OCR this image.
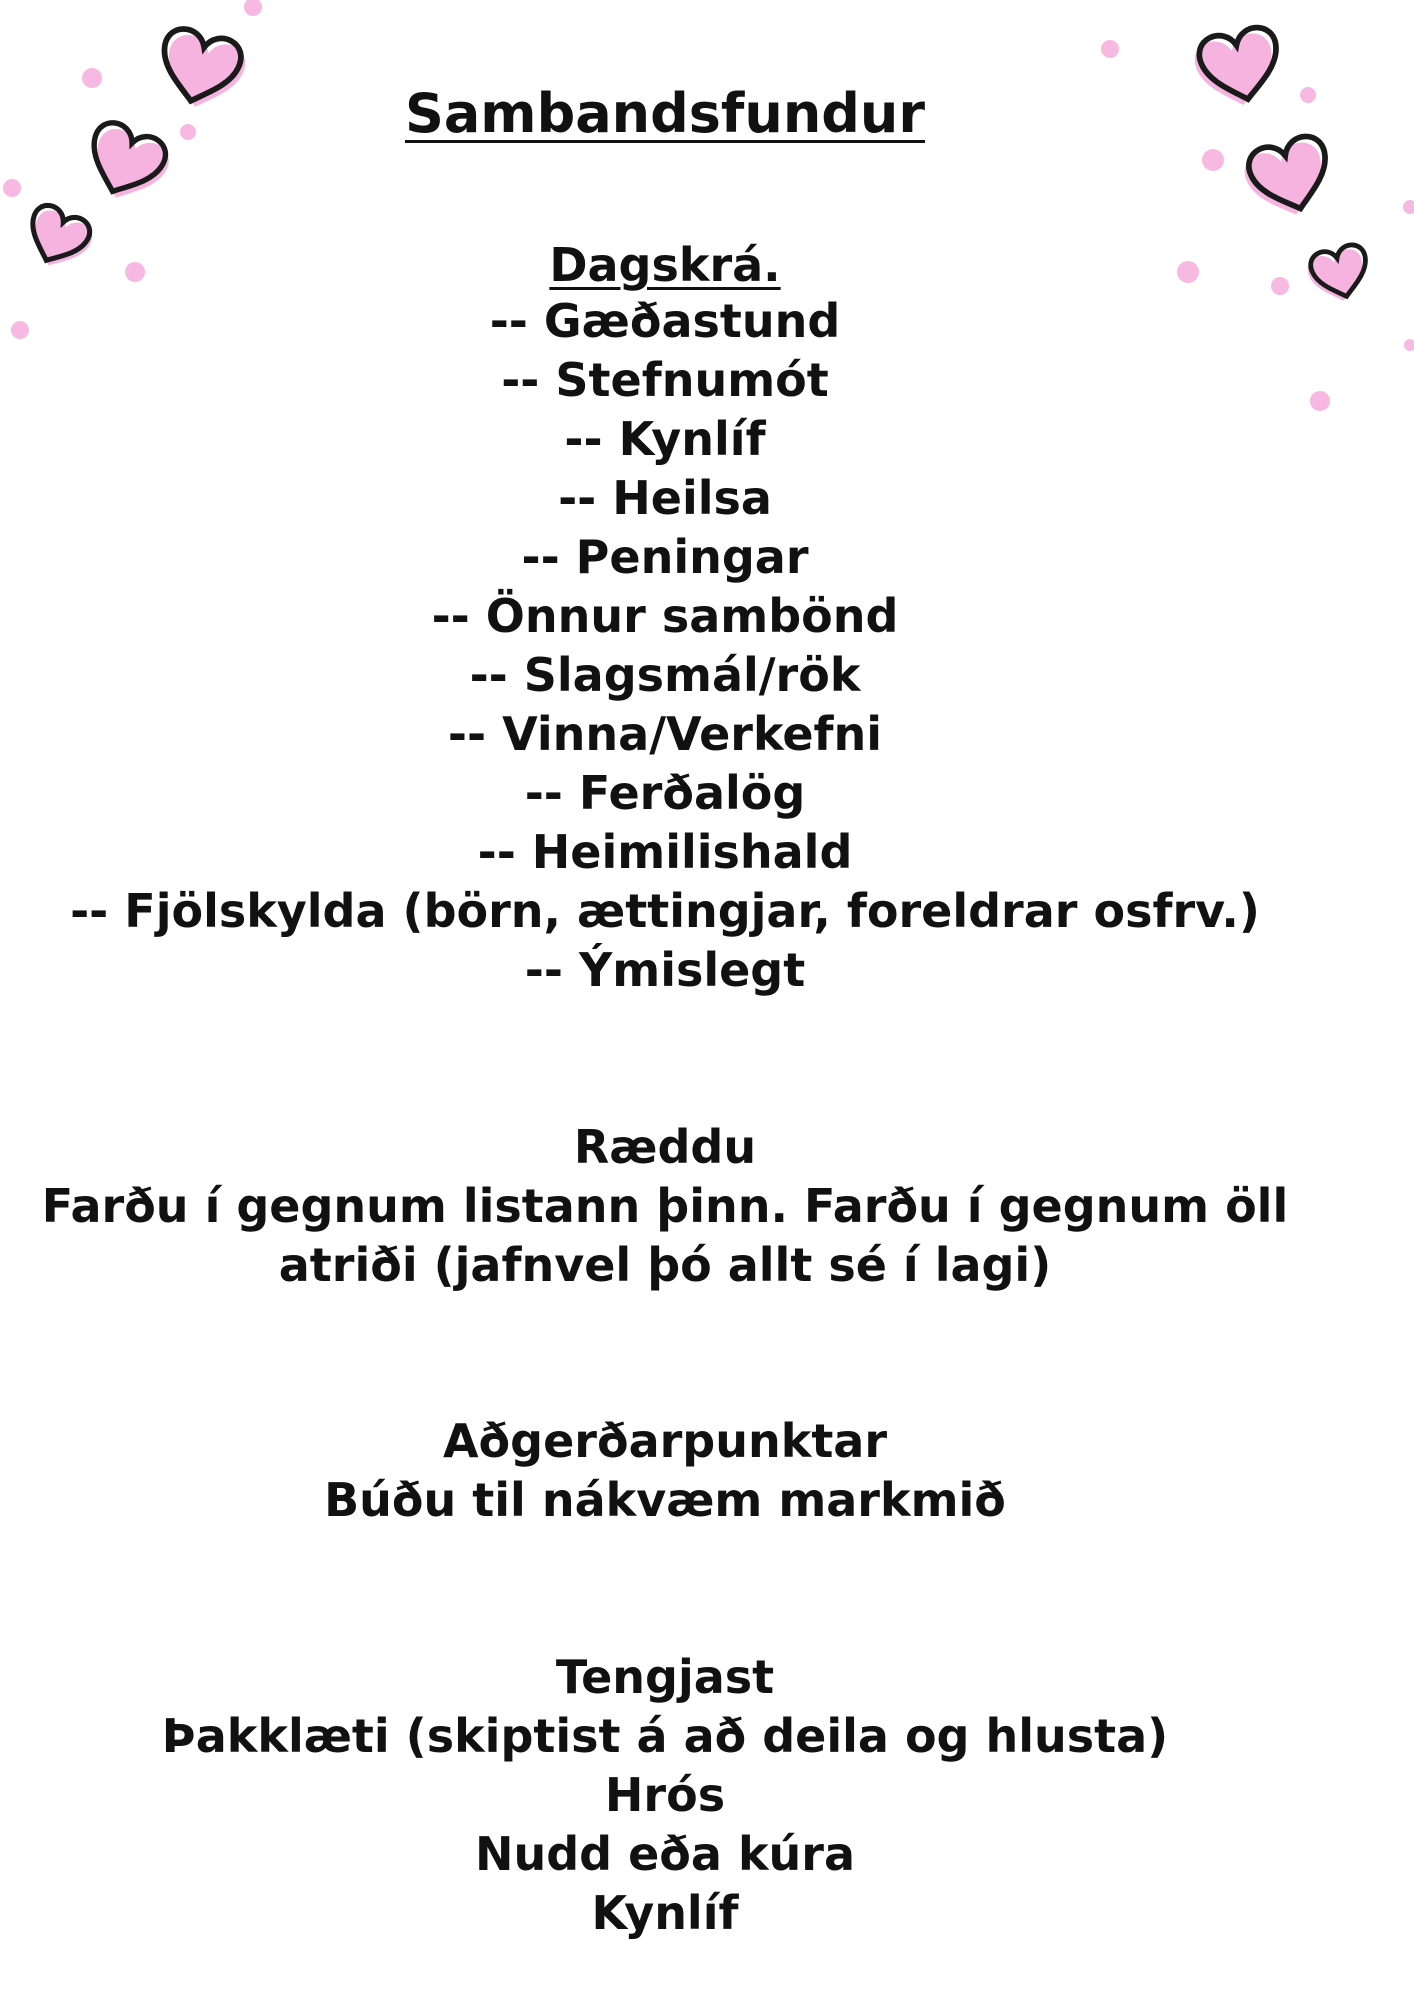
Sambandsfundur
Dagskrá.
-- Gæðastund
-- Stefnumót
-- Kynlíf
-- Heilsa
-- Peningar
-- Önnur sambönd
-- Slagsmál/rök
-- Vinna/Verkefni
-- Ferðalög
-- Heimilishald
-- Fjölskylda (börn, ættingjar, foreldrar osfrv.)
-- Ýmislegt
Ræddu
Farðu í gegnum listann þinn. Farðu í gegnum öll
atriði (jafnvel þó allt sé í lagi)
Aðgerðarpunktar
Búðu til nákvæm markmið
Tengjast
Þakklæti (skiptist á að deila og hlusta)
Hrós
Nudd eða kúra
Kynlíf
